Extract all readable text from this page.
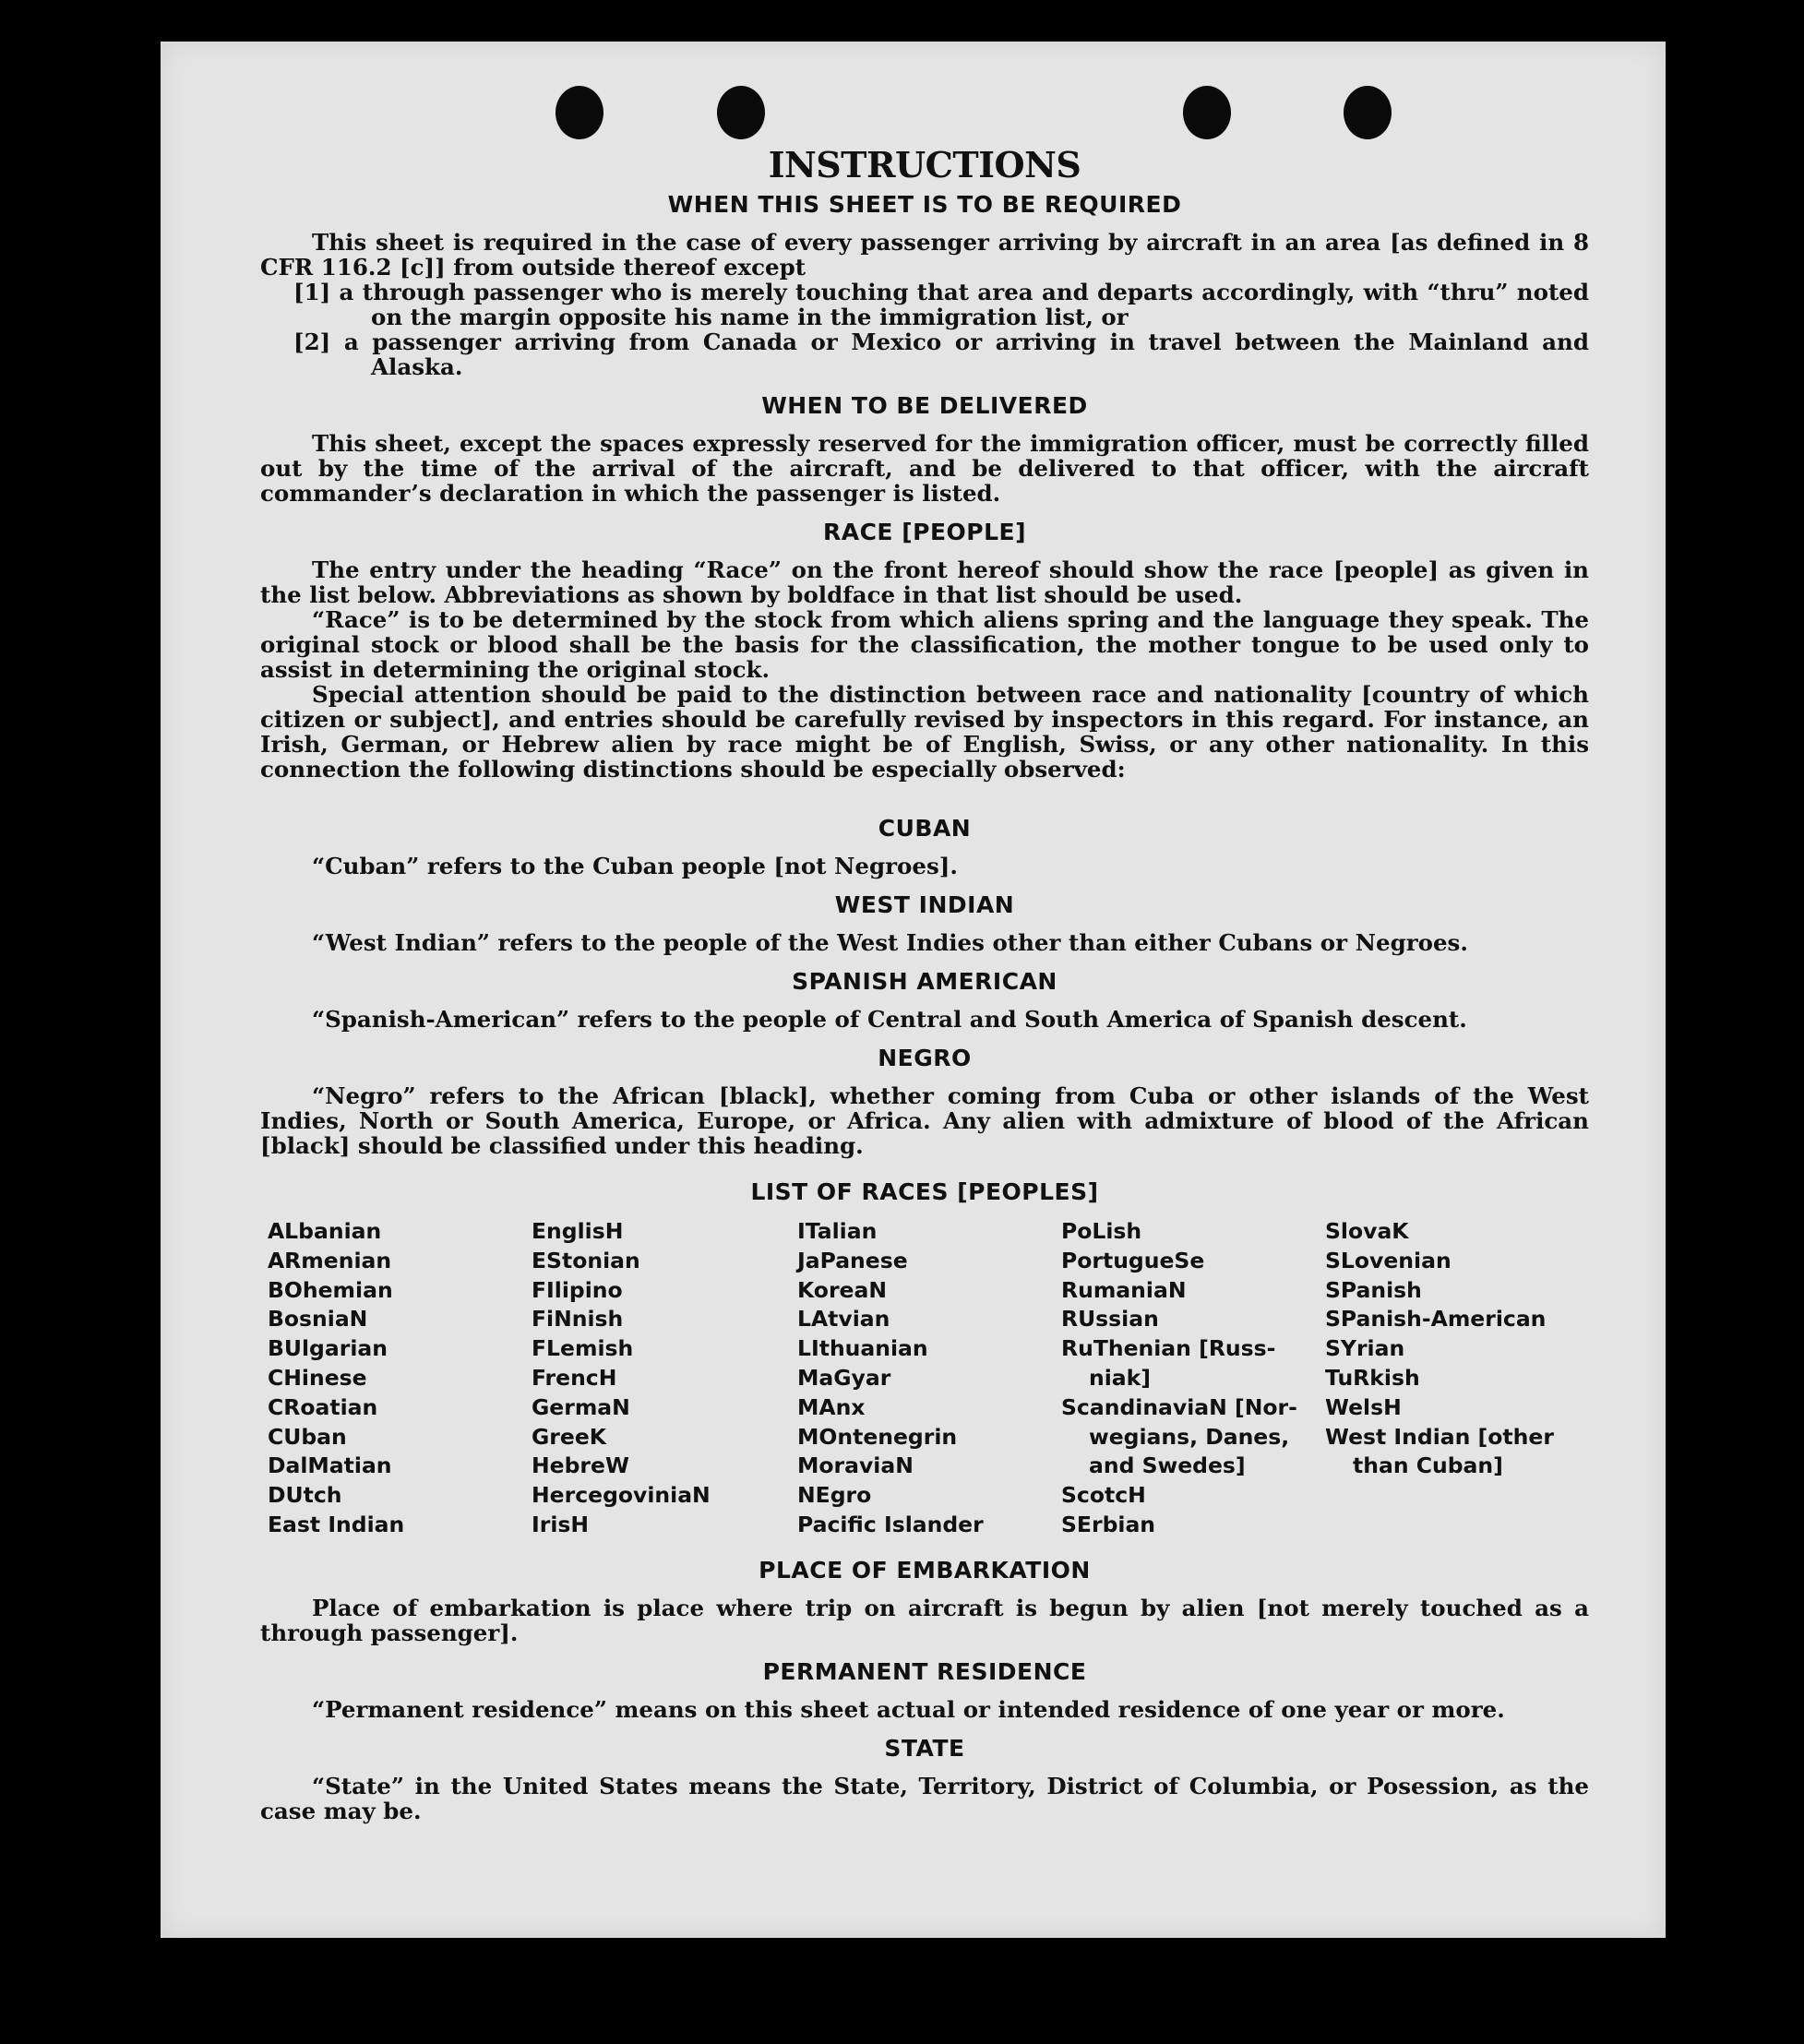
INSTRUCTIONS
WHEN THIS SHEET IS TO BE REQUIRED

This sheet is required in the case of every passenger arriving by aircraft in an area [as defined in 8 CFR 116.2 [c]] from outside thereof except

[1] a through passenger who is merely touching that area and departs accordingly, with “thru” noted on the margin opposite his name in the immigration list, or

[2] a passenger arriving from Canada or Mexico or arriving in travel between the Mainland and Alaska.

WHEN TO BE DELIVERED

This sheet, except the spaces expressly reserved for the immigration officer, must be correctly filled out by the time of the arrival of the aircraft, and be delivered to that officer, with the aircraft commander’s declaration in which the passenger is listed.

RACE [PEOPLE]

The entry under the heading “Race” on the front hereof should show the race [people] as given in the list below. Abbreviations as shown by boldface in that list should be used.

“Race” is to be determined by the stock from which aliens spring and the language they speak. The original stock or blood shall be the basis for the classification, the mother tongue to be used only to assist in determining the original stock.

Special attention should be paid to the distinction between race and nationality [country of which citizen or subject], and entries should be carefully revised by inspectors in this regard. For instance, an Irish, German, or Hebrew alien by race might be of English, Swiss, or any other nationality. In this connection the following distinctions should be especially observed:

CUBAN

“Cuban” refers to the Cuban people [not Negroes].

WEST INDIAN

“West Indian” refers to the people of the West Indies other than either Cubans or Negroes.

SPANISH AMERICAN

“Spanish-American” refers to the people of Central and South America of Spanish descent.

NEGRO

“Negro” refers to the African [black], whether coming from Cuba or other islands of the West Indies, North or South America, Europe, or Africa. Any alien with admixture of blood of the African [black] should be classified under this heading.

LIST OF RACES [PEOPLES]
ALbanian
ARmenian
BOhemian
BosniaN
BUlgarian
CHinese
CRoatian
CUban
DalMatian
DUtch
East Indian
EnglisH
EStonian
FIlipino
FiNnish
FLemish
FrencH
GermaN
GreeK
HebreW
HercegoviniaN
IrisH
ITalian
JaPanese
KoreaN
LAtvian
LIthuanian
MaGyar
MAnx
MOntenegrin
MoraviaN
NEgro
Pacific Islander
PoLish
PortugueSe
RumaniaN
RUssian
RuThenian [Russ-
niak]
ScandinaviaN [Nor-
wegians, Danes,
and Swedes]
ScotcH
SErbian
SlovaK
SLovenian
SPanish
SPanish-American
SYrian
TuRkish
WelsH
West Indian [other
than Cuban]
PLACE OF EMBARKATION

Place of embarkation is place where trip on aircraft is begun by alien [not merely touched as a through passenger].

PERMANENT RESIDENCE

“Permanent residence” means on this sheet actual or intended residence of one year or more.

STATE

“State” in the United States means the State, Territory, District of Columbia, or Posession, as the case may be.
